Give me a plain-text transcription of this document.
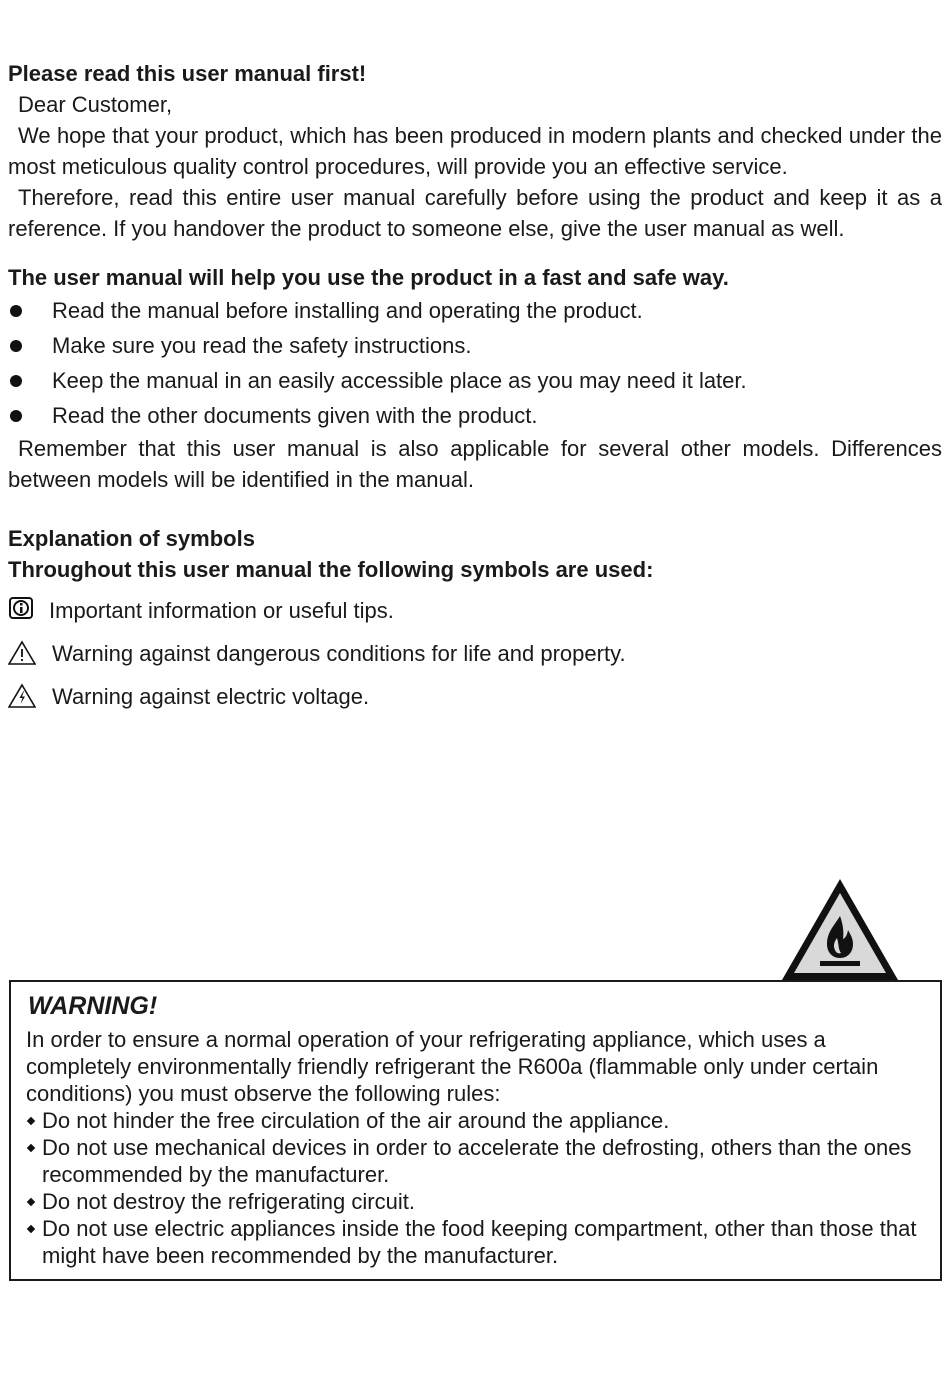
Please read this user manual first!

Dear Customer,

We hope that your product, which has been produced in modern plants and checked under the most meticulous quality control procedures, will provide you an effective service.

Therefore, read this entire user manual carefully before using the product and keep it as a reference. If you handover the product to someone else, give the user manual as well.

The user manual will help you use the product in a fast and safe way.

Read the manual before installing and operating the product.
Make sure you read the safety instructions.
Keep the manual in an easily accessible place as you may need it later.
Read the other documents given with the product.

Remember that this user manual is also applicable for several other models. Differences between models will be identified in the manual.

Explanation of symbols

Throughout this user manual the following symbols are used:

Important information or useful tips.
Warning against dangerous conditions for life and property.
Warning against electric voltage.

WARNING!

In order to ensure a normal operation of your refrigerating appliance, which uses a completely environmentally friendly refrigerant the R600a (flammable only under certain conditions) you must observe the following rules:

Do not hinder the free circulation of the air around the appliance.
Do not use mechanical devices in order to accelerate the defrosting, others than the ones recommended by the manufacturer.
Do not destroy the refrigerating circuit.
Do not use electric appliances inside the food keeping compartment, other than those that might have been recommended by the manufacturer.
